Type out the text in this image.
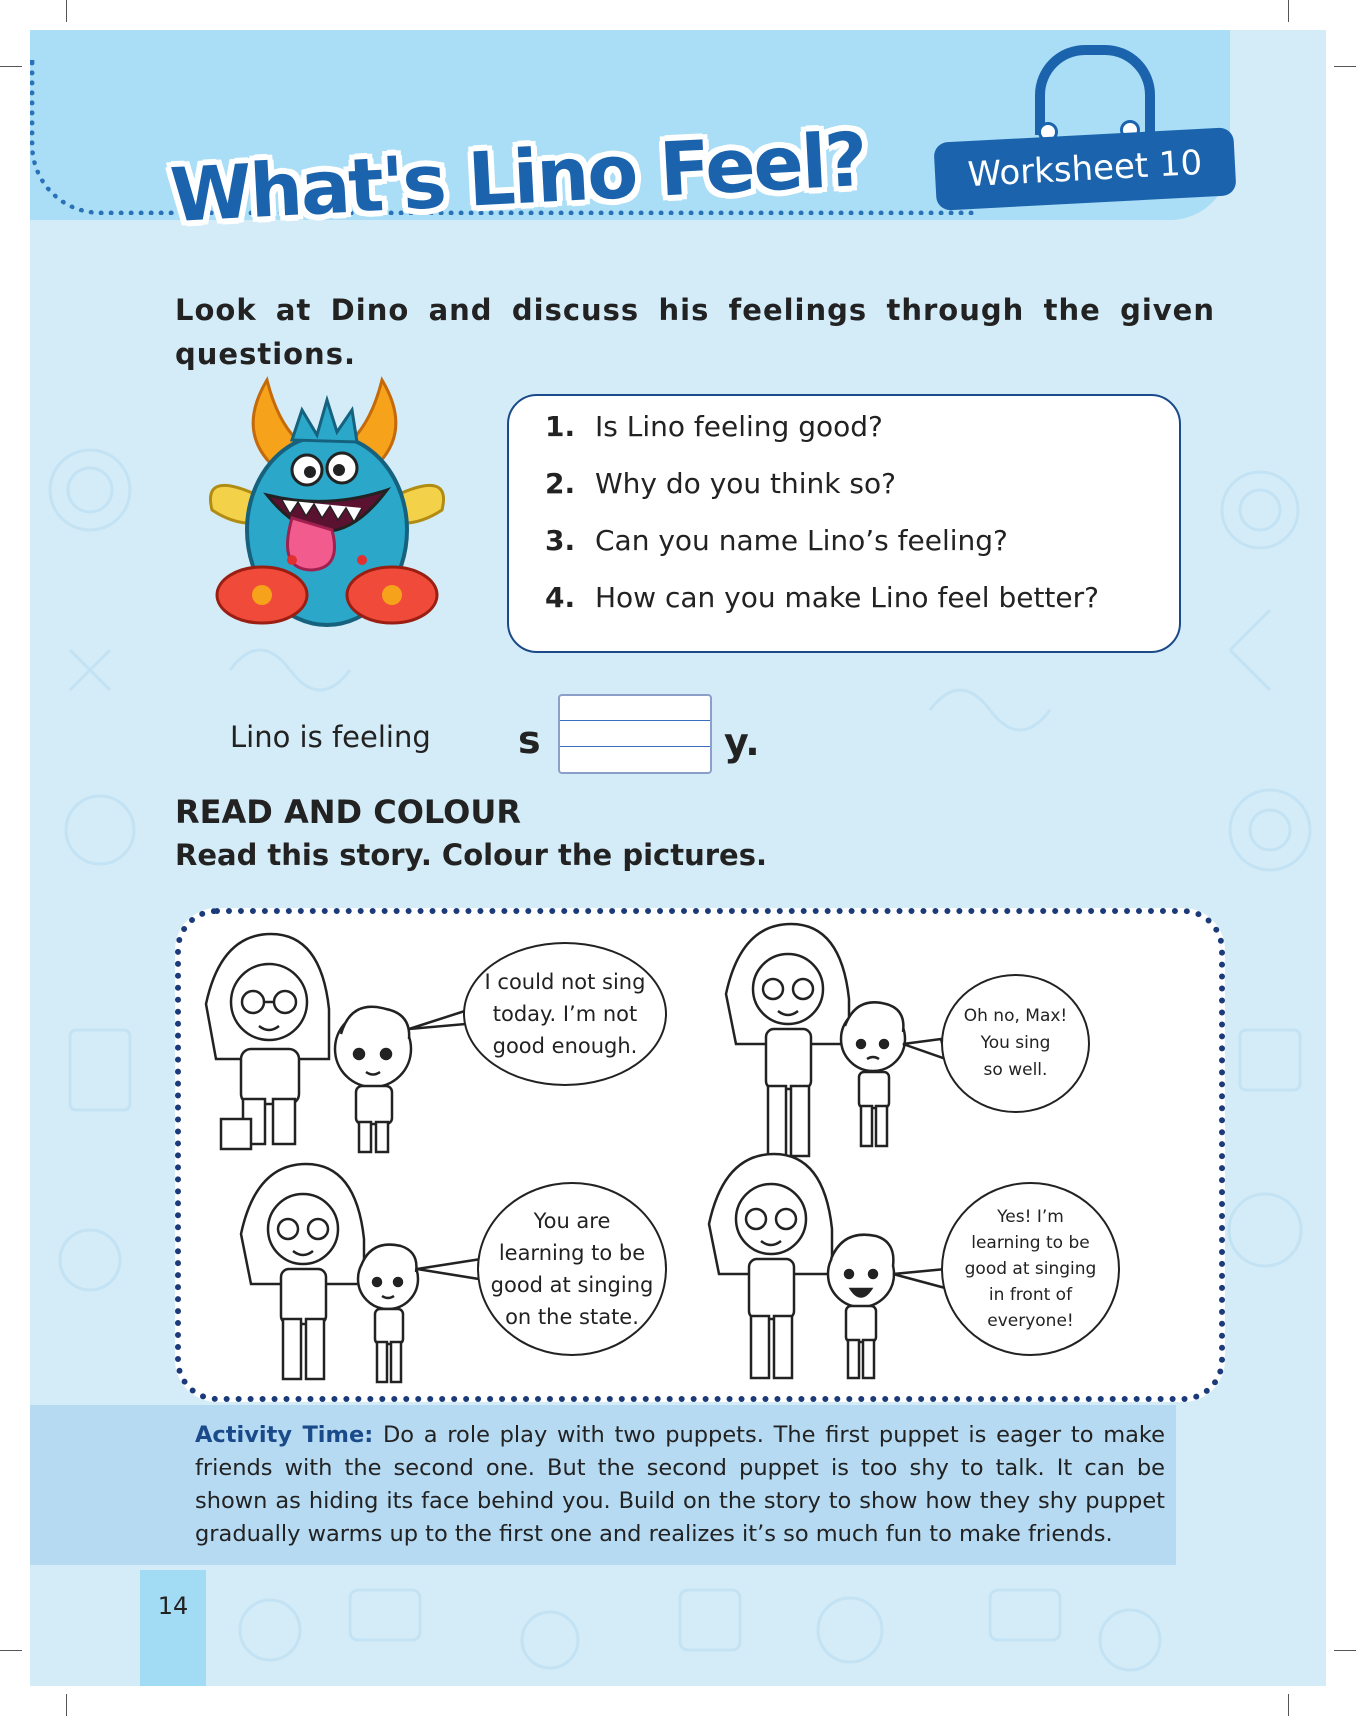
What's Lino Feel?	Worksheet 10
Look at Dino and discuss his feelings through the given questions.
1. Is Lino feeling good?
2. Why do you think so?
3. Can you name Lino’s feeling?
4. How can you make Lino feel better?
Lino is feeling s	y.
READ AND COLOUR
Read this story. Colour the pictures.
I could not sing
today. I’m not
good enough.
Oh no, Max!
You sing
so well.
You are
learning to be
good at singing
on the state.
Yes! I’m
learning to be
good at singing
in front of
everyone!

Activity Time: Do a role play with two puppets. The first puppet is eager to make friends with the second one. But the second puppet is too shy to talk. It can be shown as hiding its face behind you. Build on the story to show how they shy puppet gradually warms up to the first one and realizes it’s so much fun to make friends.

14
